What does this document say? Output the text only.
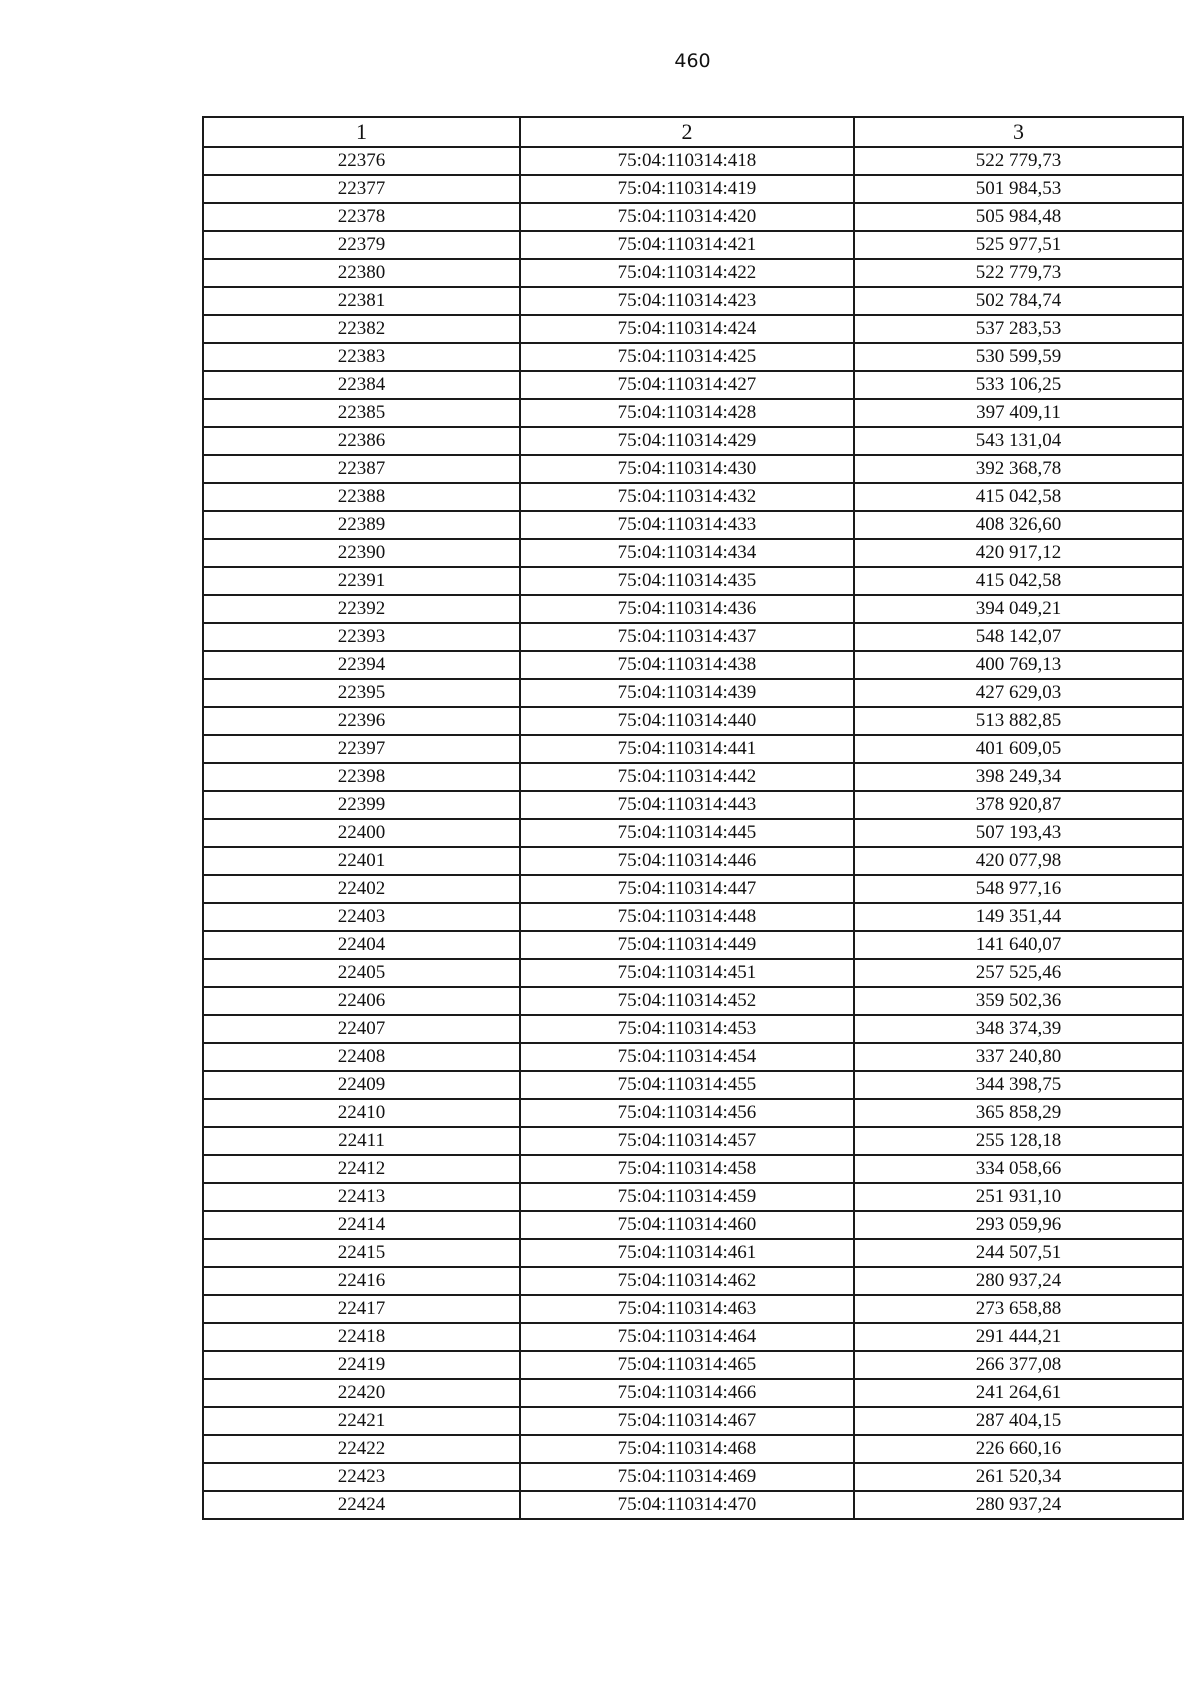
460
1	2	3
22376	75:04:110314:418	522 779,73
22377	75:04:110314:419	501 984,53
22378	75:04:110314:420	505 984,48
22379	75:04:110314:421	525 977,51
22380	75:04:110314:422	522 779,73
22381	75:04:110314:423	502 784,74
22382	75:04:110314:424	537 283,53
22383	75:04:110314:425	530 599,59
22384	75:04:110314:427	533 106,25
22385	75:04:110314:428	397 409,11
22386	75:04:110314:429	543 131,04
22387	75:04:110314:430	392 368,78
22388	75:04:110314:432	415 042,58
22389	75:04:110314:433	408 326,60
22390	75:04:110314:434	420 917,12
22391	75:04:110314:435	415 042,58
22392	75:04:110314:436	394 049,21
22393	75:04:110314:437	548 142,07
22394	75:04:110314:438	400 769,13
22395	75:04:110314:439	427 629,03
22396	75:04:110314:440	513 882,85
22397	75:04:110314:441	401 609,05
22398	75:04:110314:442	398 249,34
22399	75:04:110314:443	378 920,87
22400	75:04:110314:445	507 193,43
22401	75:04:110314:446	420 077,98
22402	75:04:110314:447	548 977,16
22403	75:04:110314:448	149 351,44
22404	75:04:110314:449	141 640,07
22405	75:04:110314:451	257 525,46
22406	75:04:110314:452	359 502,36
22407	75:04:110314:453	348 374,39
22408	75:04:110314:454	337 240,80
22409	75:04:110314:455	344 398,75
22410	75:04:110314:456	365 858,29
22411	75:04:110314:457	255 128,18
22412	75:04:110314:458	334 058,66
22413	75:04:110314:459	251 931,10
22414	75:04:110314:460	293 059,96
22415	75:04:110314:461	244 507,51
22416	75:04:110314:462	280 937,24
22417	75:04:110314:463	273 658,88
22418	75:04:110314:464	291 444,21
22419	75:04:110314:465	266 377,08
22420	75:04:110314:466	241 264,61
22421	75:04:110314:467	287 404,15
22422	75:04:110314:468	226 660,16
22423	75:04:110314:469	261 520,34
22424	75:04:110314:470	280 937,24
